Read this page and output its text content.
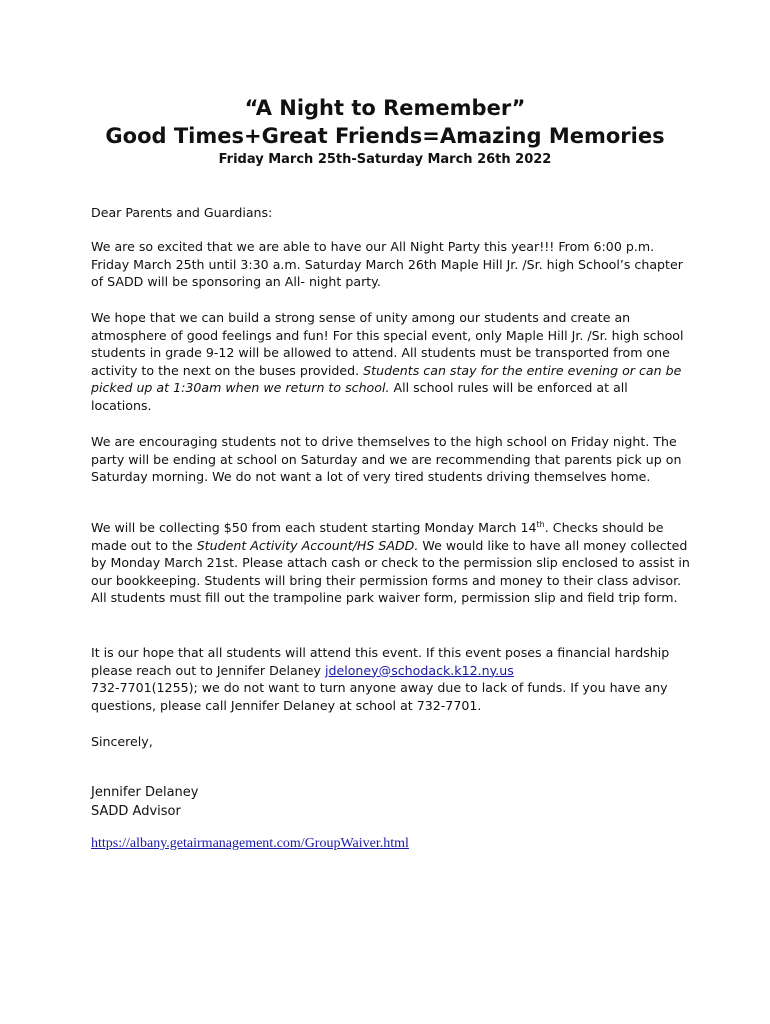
“A Night to Remember”
Good Times+Great Friends=Amazing Memories
Friday March 25th-Saturday March 26th 2022
Dear Parents and Guardians:

We are so excited that we are able to have our All Night Party this year!!! From 6:00 p.m. Friday March 25th until 3:30 a.m. Saturday March 26th Maple Hill Jr. /Sr. high School’s chapter of SADD will be sponsoring an All- night party.

We hope that we can build a strong sense of unity among our students and create an atmosphere of good feelings and fun! For this special event, only Maple Hill Jr. /Sr. high school students in grade 9-12 will be allowed to attend. All students must be transported from one activity to the next on the buses provided. Students can stay for the entire evening or can be picked up at 1:30am when we return to school. All school rules will be enforced at all locations.

We are encouraging students not to drive themselves to the high school on Friday night. The party will be ending at school on Saturday and we are recommending that parents pick up on Saturday morning. We do not want a lot of very tired students driving themselves home.

We will be collecting $50 from each student starting Monday March 14th. Checks should be made out to the Student Activity Account/HS SADD. We would like to have all money collected by Monday March 21st. Please attach cash or check to the permission slip enclosed to assist in our bookkeeping. Students will bring their permission forms and money to their class advisor. All students must fill out the trampoline park waiver form, permission slip and field trip form.

It is our hope that all students will attend this event. If this event poses a financial hardship please reach out to Jennifer Delaney jdeloney@schodack.k12.ny.us
732-7701(1255); we do not want to turn anyone away due to lack of funds. If you have any questions, please call Jennifer Delaney at school at 732-7701.

Sincerely,
Jennifer Delaney
SADD Advisor
https://albany.getairmanagement.com/GroupWaiver.html
